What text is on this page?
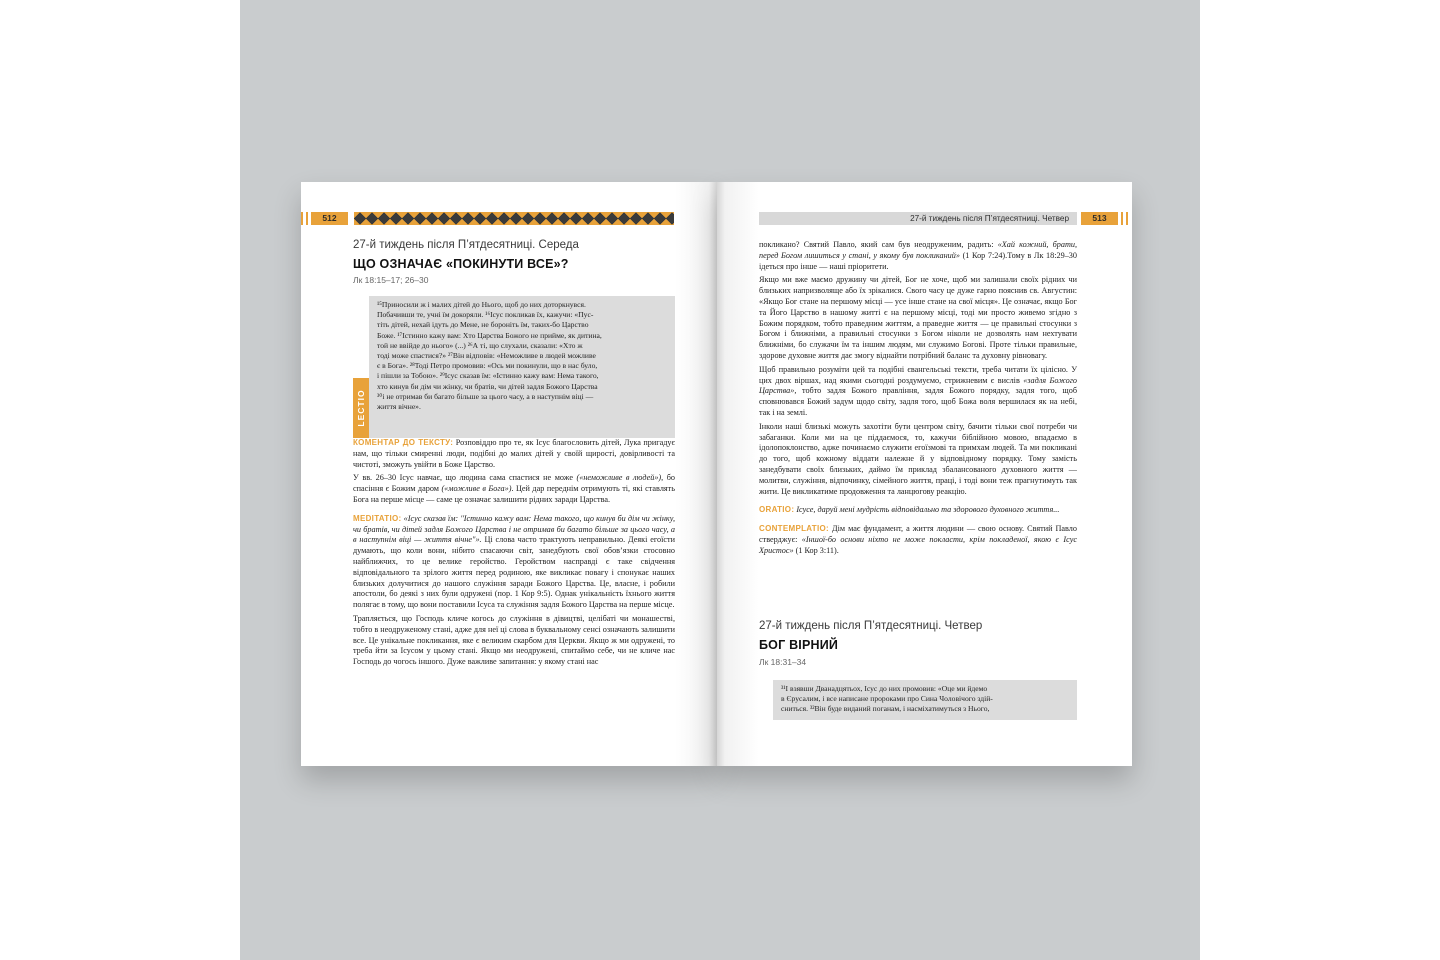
512
27-й тиждень після П’ятдесятниці. Середа
ЩО ОЗНАЧАЄ «ПОКИНУТИ ВСЕ»?
Лк 18:15–17; 26–30
LECTIO
¹⁵Приносили ж і малих дітей до Нього, щоб до них доторкнувся.
Побачивши те, учні їм докоряли. ¹⁶Ісус покликав їх, кажучи: «Пус-
тіть дітей, нехай ідуть до Мене, не бороніть їм, таких-бо Царство
Боже. ¹⁷Істинно кажу вам: Хто Царства Божого не прийме, як дитина,
той не ввійде до нього» (...) ²⁶А ті, що слухали, сказали: «Хто ж
тоді може спастися?» ²⁷Він відповів: «Неможливе в людей можливе
є в Бога». ²⁸Тоді Петро промовив: «Ось ми покинули, що в нас було,
і пішли за Тобою». ²⁹Ісус сказав їм: «Істинно кажу вам: Нема такого,
хто кинув би дім чи жінку, чи братів, чи дітей задля Божого Царства
³⁰і не отримав би багато більше за цього часу, а в наступнім віці —
життя вічне».

КОМЕНТАР ДО ТЕКСТУ: Розповіддю про те, як Ісус благословить дітей, Лука пригадує нам, що тільки смиренні люди, подібні до малих дітей у своїй щирості, довірливості та чистоті, зможуть увійти в Боже Царство.

У вв. 26–30 Ісус навчає, що людина сама спастися не може («неможливе в людей»), бо спасіння є Божим даром («можливе в Бога»). Цей дар переднім отримують ті, які ставлять Бога на перше місце — саме це означає залишити рідних заради Царства.

MEDITATIO: «Ісус сказав їм: "Істинно кажу вам: Нема такого, що кинув би дім чи жінку, чи братів, чи дітей задля Божого Царства і не отримав би багато більше за цього часу, а в наступнім віці — життя вічне"». Ці слова часто трактують неправильно. Деякі егоїсти думають, що коли вони, нібито спасаючи світ, занедбують свої обов’язки стосовно найближчих, то це велике геройство. Геройством насправді є таке свідчення відповідального та зрілого життя перед родиною, яке викликає повагу і спонукає наших близьких долучитися до нашого служіння заради Божого Царства. Це, власне, і робили апостоли, бо деякі з них були одружені (пор. 1 Кор 9:5). Однак унікальність їхнього життя полягає в тому, що вони поставили Ісуса та служіння задля Божого Царства на перше місце.

Трапляється, що Господь кличе когось до служіння в дівицтві, целібаті чи монашестві, тобто в неодруженому стані, адже для неї ці слова в буквальному сенсі означають залишити все. Це унікальне покликання, яке є великим скарбом для Церкви. Якщо ж ми одружені, то треба йти за Ісусом у цьому стані. Якщо ми неодружені, спитаймо себе, чи не кличе нас Господь до чогось іншого. Дуже важливе запитання: у якому стані нас

27-й тиждень після П’ятдесятниці. Четвер	513

покликано? Святий Павло, який сам був неодруженим, радить: «Хай кожний, брати, перед Богом лишиться у стані, у якому був покликаний» (1 Кор 7:24).Тому в Лк 18:29–30 ідеться про інше — наші пріоритети.

Якщо ми вже маємо дружину чи дітей, Бог не хоче, щоб ми залишали своїх рідних чи близьких напризволяще або їх зрікалися. Свого часу це дуже гарно пояснив св. Августин: «Якщо Бог стане на першому місці — усе інше стане на свої місця». Це означає, якщо Бог та Його Царство в нашому житті є на першому місці, тоді ми просто живемо згідно з Божим порядком, тобто праведним життям, а праведне життя — це правильні стосунки з Богом і ближніми, а правильні стосунки з Богом ніколи не дозволять нам нехтувати ближніми, бо служачи їм та іншим людям, ми служимо Богові. Проте тільки правильне, здорове духовне життя дає змогу віднайти потрібний баланс та духовну рівновагу.

Щоб правильно розуміти цей та подібні євангельські тексти, треба читати їх цілісно. У цих двох віршах, над якими сьогодні роздумуємо, стрижневим є вислів «задля Божого Царства», тобто задля Божого правління, задля Божого порядку, задля того, щоб сповнювався Божий задум щодо світу, задля того, щоб Божа воля вершилася як на небі, так і на землі.

Інколи наші близькі можуть захотіти бути центром світу, бачити тільки свої потреби чи забаганки. Коли ми на це піддаємося, то, кажучи біблійною мовою, впадаємо в ідолопоклонство, адже починаємо служити егоїзмові та примхам людей. Та ми покликані до того, щоб кожному віддати належне й у відповідному порядку. Тому замість занедбувати своїх близьких, даймо їм приклад збалансованого духовного життя — молитви, служіння, відпочинку, сімейного життя, праці, і тоді вони теж прагнутимуть так жити. Це викликатиме продовження та ланцюгову реакцію.

ORATIO: Ісусе, даруй мені мудрість відповідально та здорового духовного життя...

CONTEMPLATIO: Дім має фундамент, а життя людини — свою основу. Святий Павло стверджує: «Іншої-бо основи ніхто не може покласти, крім покладеної, якою є Ісус Христос» (1 Кор 3:11).

27-й тиждень після П’ятдесятниці. Четвер
БОГ ВІРНИЙ
Лк 18:31–34
³¹І взявши Дванадцятьох, Ісус до них промовив: «Оце ми йдемо
в Єрусалим, і все написане пророками про Сина Чоловічого здій-
сниться. ³²Він буде виданий поганам, і насміхатимуться з Нього,
